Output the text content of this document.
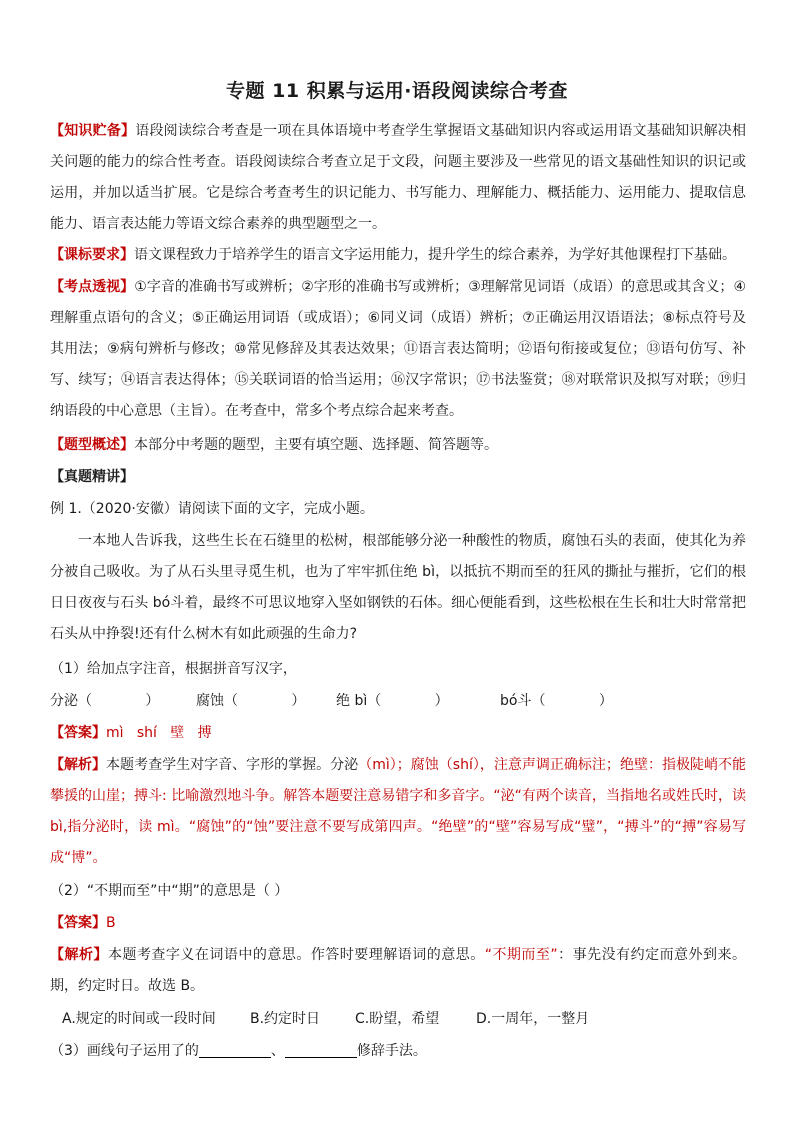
专题 11 积累与运用·语段阅读综合考查
【知识贮备】语段阅读综合考查是一项在具体语境中考查学生掌握语文基础知识内容或运用语文基础知识解决相关问题的能力的综合性考查。语段阅读综合考查立足于文段，问题主要涉及一些常见的语文基础性知识的识记或运用，并加以适当扩展。它是综合考查考生的识记能力、书写能力、理解能力、概括能力、运用能力、提取信息能力、语言表达能力等语文综合素养的典型题型之一。
【课标要求】语文课程致力于培养学生的语言文字运用能力，提升学生的综合素养，为学好其他课程打下基础。
【考点透视】①字音的准确书写或辨析；②字形的准确书写或辨析；③理解常见词语（成语）的意思或其含义；④理解重点语句的含义；⑤正确运用词语（或成语）；⑥同义词（成语）辨析；⑦正确运用汉语语法；⑧标点符号及其用法；⑨病句辨析与修改；⑩常见修辞及其表达效果；⑪语言表达简明；⑫语句衔接或复位；⑬语句仿写、补写、续写；⑭语言表达得体；⑮关联词语的恰当运用；⑯汉字常识；⑰书法鉴赏；⑱对联常识及拟写对联；⑲归纳语段的中心意思（主旨）。在考查中，常多个考点综合起来考查。
【题型概述】本部分中考题的题型，主要有填空题、选择题、简答题等。
【真题精讲】
例 1.（2020·安徽）请阅读下面的文字，完成小题。
一本地人告诉我，这些生长在石缝里的松树，根部能够分泌一种酸性的物质，腐蚀石头的表面，使其化为养分被自己吸收。为了从石头里寻觅生机，也为了牢牢抓住绝 bì，以抵抗不期而至的狂风的撕扯与摧折，它们的根日日夜夜与石头 bó斗着，最终不可思议地穿入坚如钢铁的石体。细心便能看到，这些松根在生长和壮大时常常把石头从中挣裂!还有什么树木有如此顽强的生命力?
（1）给加点字注音，根据拼音写汉字，
分泌（            ）	腐蚀（            ） 绝 bì（            ）	bó斗（            ）
【答案】mì   shí   壁   搏
【解析】本题考查学生对字音、字形的掌握。分泌（mì）；腐蚀（shí），注意声调正确标注；绝壁：指极陡峭不能攀援的山崖；搏斗: 比喻激烈地斗争。解答本题要注意易错字和多音字。“泌“有两个读音，当指地名或姓氏时，读 bì,指分泌时，读 mì。“腐蚀”的“蚀”要注意不要写成第四声。“绝壁”的“壁”容易写成“璧”，“搏斗”的“搏”容易写成“博”。
（2）“不期而至”中“期”的意思是（ ）
【答案】B
【解析】本题考查字义在词语中的意思。作答时要理解语词的意思。“不期而至”：事先没有约定而意外到来。期，约定时日。故选 B。
A.规定的时间或一段时间 B.约定时日 C.盼望，希望	D.一周年，一整月
（3）画线句子运用了的	、	修辞手法。
